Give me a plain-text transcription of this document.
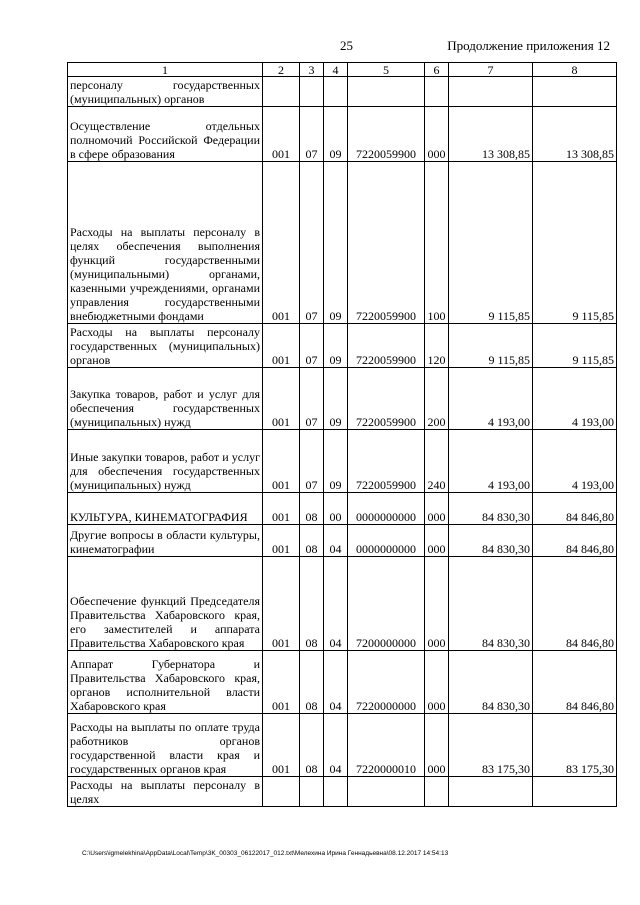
25	Продолжение приложения 12
1	2	3	4	5	6	7	8
персоналу государственных (муниципальных) органов							
Осуществление отдельных полномочий Российской Федерации в сфере образования	001	07	09	7220059900	000	13 308,85	13 308,85
Расходы на выплаты персоналу в целях обеспечения выполнения функций государственными (муниципальными) органами, казенными учреждениями, органами управления государственными внебюджетными фондами	001	07	09	7220059900	100	9 115,85	9 115,85
Расходы на выплаты персоналу государственных (муниципальных) органов	001	07	09	7220059900	120	9 115,85	9 115,85
Закупка товаров, работ и услуг для обеспечения государственных (муниципальных) нужд	001	07	09	7220059900	200	4 193,00	4 193,00
Иные закупки товаров, работ и услуг для обеспечения государственных (муниципальных) нужд	001	07	09	7220059900	240	4 193,00	4 193,00
КУЛЬТУРА, КИНЕМАТОГРАФИЯ	001	08	00	0000000000	000	84 830,30	84 846,80
Другие вопросы в области культуры, кинематографии	001	08	04	0000000000	000	84 830,30	84 846,80
Обеспечение функций Председателя Правительства Хабаровского края, его заместителей и аппарата Правительства Хабаровского края	001	08	04	7200000000	000	84 830,30	84 846,80
Аппарат Губернатора и Правительства Хабаровского края, органов исполнительной власти Хабаровского края	001	08	04	7220000000	000	84 830,30	84 846,80
Расходы на выплаты по оплате труда работников органов государственной власти края и государственных органов края	001	08	04	7220000010	000	83 175,30	83 175,30
Расходы на выплаты персоналу в целях							
C:\Users\igmelekhina\AppData\Local\Temp\3K_00303_06122017_012.txt\Мелехина Ирина Геннадьевна\08.12.2017 14:54:13
